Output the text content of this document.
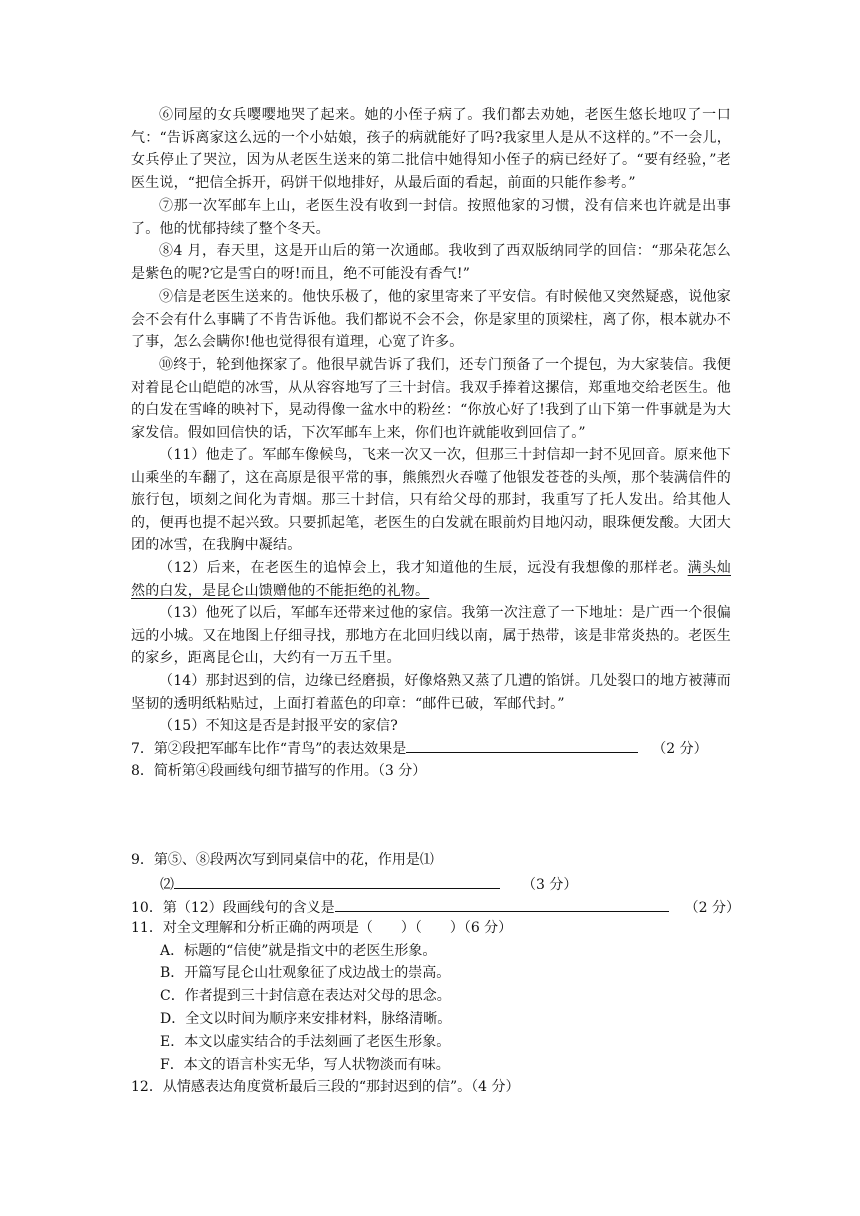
⑥同屋的女兵嘤嘤地哭了起来。她的小侄子病了。我们都去劝她，老医生悠长地叹了一口气：“告诉离家这么远的一个小姑娘，孩子的病就能好了吗?我家里人是从不这样的。”不一会儿，女兵停止了哭泣，因为从老医生送来的第二批信中她得知小侄子的病已经好了。“要有经验，”老医生说，“把信全拆开，码饼干似地排好，从最后面的看起，前面的只能作参考。”

⑦那一次军邮车上山，老医生没有收到一封信。按照他家的习惯，没有信来也许就是出事了。他的忧郁持续了整个冬天。

⑧4 月，春天里，这是开山后的第一次通邮。我收到了西双版纳同学的回信：“那朵花怎么是紫色的呢?它是雪白的呀!而且，绝不可能没有香气!”

⑨信是老医生送来的。他快乐极了，他的家里寄来了平安信。有时候他又突然疑惑，说他家会不会有什么事瞒了不肯告诉他。我们都说不会不会，你是家里的顶梁柱，离了你，根本就办不了事，怎么会瞒你!他也觉得很有道理，心宽了许多。

⑩终于，轮到他探家了。他很早就告诉了我们，还专门预备了一个提包，为大家装信。我便对着昆仑山皑皑的冰雪，从从容容地写了三十封信。我双手捧着这摞信，郑重地交给老医生。他的白发在雪峰的映衬下，晃动得像一盆水中的粉丝：“你放心好了!我到了山下第一件事就是为大家发信。假如回信快的话，下次军邮车上来，你们也许就能收到回信了。”

（11）他走了。军邮车像候鸟，飞来一次又一次，但那三十封信却一封不见回音。原来他下山乘坐的车翻了，这在高原是很平常的事，熊熊烈火吞噬了他银发苍苍的头颅，那个装满信件的旅行包，顷刻之间化为青烟。那三十封信，只有给父母的那封，我重写了托人发出。给其他人的，便再也提不起兴致。只要抓起笔，老医生的白发就在眼前灼目地闪动，眼珠便发酸。大团大团的冰雪，在我胸中凝结。

（12）后来，在老医生的追悼会上，我才知道他的生辰，远没有我想像的那样老。满头灿然的白发，是昆仑山馈赠他的不能拒绝的礼物。

（13）他死了以后，军邮车还带来过他的家信。我第一次注意了一下地址：是广西一个很偏远的小城。又在地图上仔细寻找，那地方在北回归线以南，属于热带，该是非常炎热的。老医生的家乡，距离昆仑山，大约有一万五千里。

（14）那封迟到的信，边缘已经磨损，好像烙熟又蒸了几遭的馅饼。几处裂口的地方被薄而坚韧的透明纸粘贴过，上面打着蓝色的印章：“邮件已破，军邮代封。”

（15）不知这是否是封报平安的家信?

7．第②段把军邮车比作“青鸟”的表达效果是	（2 分）
8．简析第④段画线句细节描写的作用。（3 分）
9．第⑤、⑧段两次写到同桌信中的花，作用是⑴
⑵	（3 分）
10．第（12）段画线句的含义是	（2 分）
11．对全文理解和分析正确的两项是（　　）（　　）（6 分）
A．标题的“信使”就是指文中的老医生形象。
B．开篇写昆仑山壮观象征了戍边战士的崇高。
C．作者提到三十封信意在表达对父母的思念。
D．全文以时间为顺序来安排材料，脉络清晰。
E．本文以虚实结合的手法刻画了老医生形象。
F．本文的语言朴实无华，写人状物淡而有味。
12．从情感表达角度赏析最后三段的“那封迟到的信”。（4 分）
